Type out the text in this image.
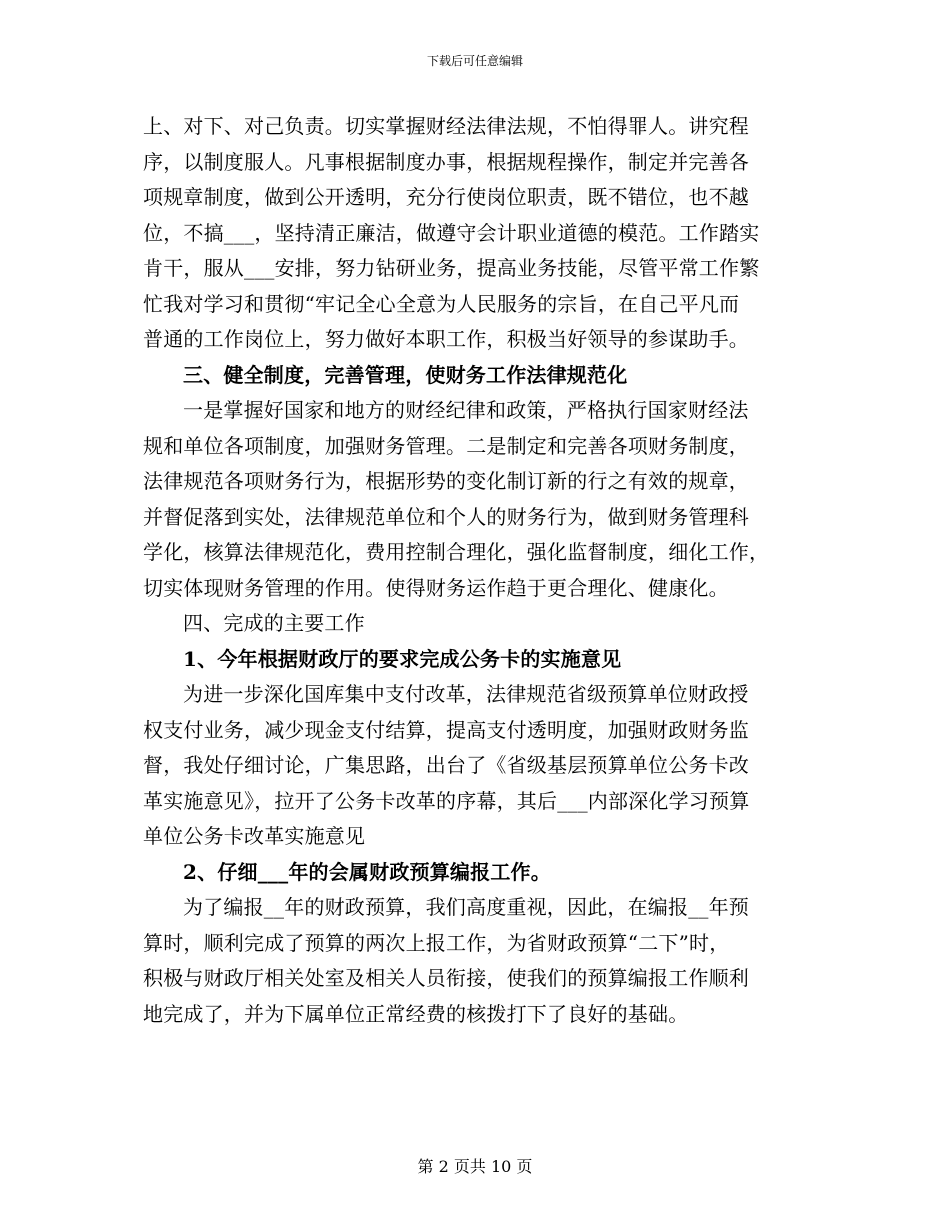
下载后可任意编辑
上、对下、对己负责。切实掌握财经法律法规，不怕得罪人。讲究程
序，以制度服人。凡事根据制度办事，根据规程操作，制定并完善各
项规章制度，做到公开透明，充分行使岗位职责，既不错位，也不越
位，不搞___，坚持清正廉洁，做遵守会计职业道德的模范。工作踏实
肯干，服从___安排，努力钻研业务，提高业务技能，尽管平常工作繁
忙我对学习和贯彻“牢记全心全意为人民服务的宗旨，在自己平凡而
普通的工作岗位上，努力做好本职工作，积极当好领导的参谋助手。
三、健全制度，完善管理，使财务工作法律规范化
一是掌握好国家和地方的财经纪律和政策，严格执行国家财经法
规和单位各项制度，加强财务管理。二是制定和完善各项财务制度，
法律规范各项财务行为，根据形势的变化制订新的行之有效的规章，
并督促落到实处，法律规范单位和个人的财务行为，做到财务管理科
学化，核算法律规范化，费用控制合理化，强化监督制度，细化工作，
切实体现财务管理的作用。使得财务运作趋于更合理化、健康化。
四、完成的主要工作
1、今年根据财政厅的要求完成公务卡的实施意见
为进一步深化国库集中支付改革，法律规范省级预算单位财政授
权支付业务，减少现金支付结算，提高支付透明度，加强财政财务监
督，我处仔细讨论，广集思路，出台了《省级基层预算单位公务卡改
革实施意见》，拉开了公务卡改革的序幕，其后___内部深化学习预算
单位公务卡改革实施意见
2、仔细___年的会属财政预算编报工作。
为了编报__年的财政预算，我们高度重视，因此，在编报__年预
算时，顺利完成了预算的两次上报工作，为省财政预算“二下”时，
积极与财政厅相关处室及相关人员衔接，使我们的预算编报工作顺利
地完成了，并为下属单位正常经费的核拨打下了良好的基础。
第 2 页共 10 页
